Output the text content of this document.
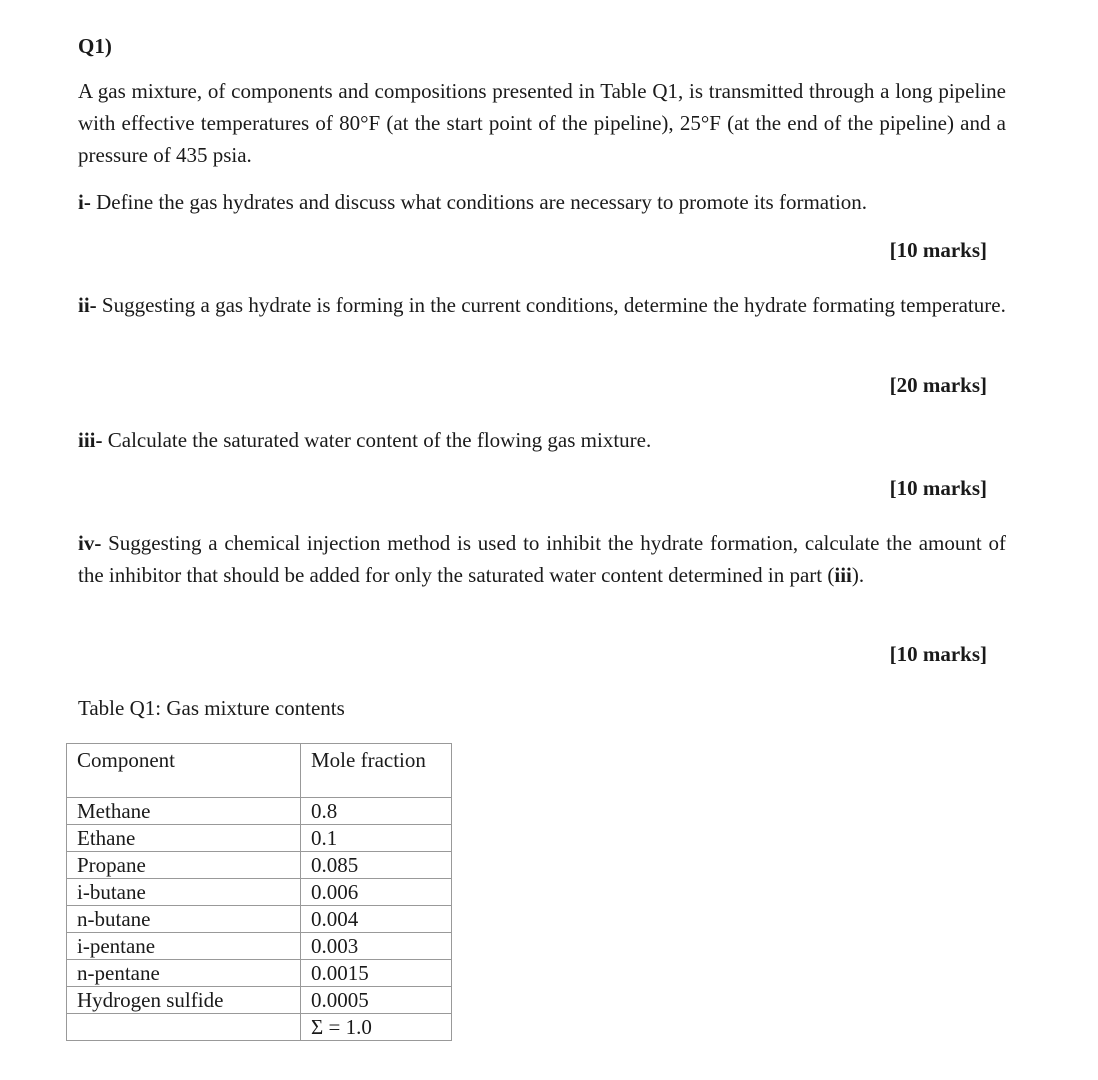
Q1)
A gas mixture, of components and compositions presented in Table Q1, is transmitted through a long pipeline with effective temperatures of 80°F (at the start point of the pipeline), 25°F (at the end of the pipeline) and a pressure of 435 psia.
i- Define the gas hydrates and discuss what conditions are necessary to promote its formation.
[10 marks]
ii- Suggesting a gas hydrate is forming in the current conditions, determine the hydrate formating temperature.
[20 marks]
iii- Calculate the saturated water content of the flowing gas mixture.
[10 marks]
iv- Suggesting a chemical injection method is used to inhibit the hydrate formation, calculate the amount of the inhibitor that should be added for only the saturated water content determined in part (iii).
[10 marks]
Table Q1: Gas mixture contents
Component	Mole fraction
Methane	0.8
Ethane	0.1
Propane	0.085
i-butane	0.006
n-butane	0.004
i-pentane	0.003
n-pentane	0.0015
Hydrogen sulfide	0.0005
	Σ = 1.0
